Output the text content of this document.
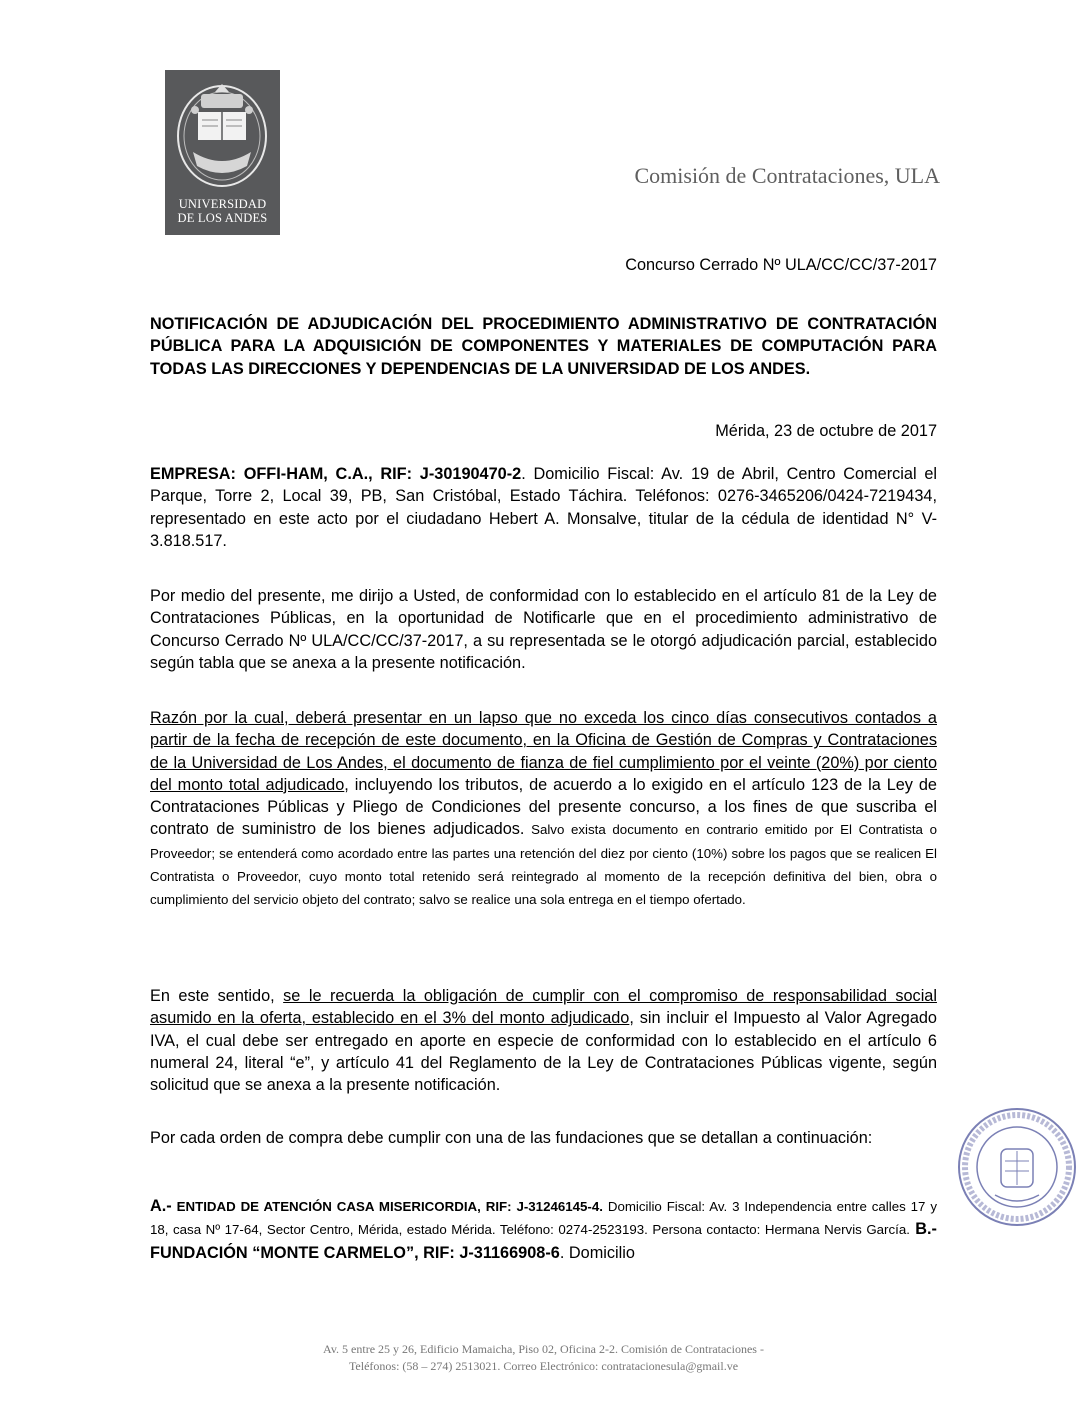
UNIVERSIDAD
DE LOS ANDES
Comisión de Contrataciones, ULA
Concurso Cerrado Nº ULA/CC/CC/37-2017
NOTIFICACIÓN DE ADJUDICACIÓN DEL PROCEDIMIENTO ADMINISTRATIVO DE CONTRATACIÓN PÚBLICA PARA LA ADQUISICIÓN DE COMPONENTES Y MATERIALES DE COMPUTACIÓN PARA TODAS LAS DIRECCIONES Y DEPENDENCIAS DE LA UNIVERSIDAD DE LOS ANDES.
Mérida, 23 de octubre de 2017
EMPRESA: OFFI-HAM, C.A., RIF: J-30190470-2. Domicilio Fiscal: Av. 19 de Abril, Centro Comercial el Parque, Torre 2, Local 39, PB, San Cristóbal, Estado Táchira. Teléfonos: 0276-3465206/0424-7219434, representado en este acto por el ciudadano Hebert A. Monsalve, titular de la cédula de identidad N° V- 3.818.517.
Por medio del presente, me dirijo a Usted, de conformidad con lo establecido en el artículo 81 de la Ley de Contrataciones Públicas, en la oportunidad de Notificarle que en el procedimiento administrativo de Concurso Cerrado Nº ULA/CC/CC/37-2017, a su representada se le otorgó adjudicación parcial, establecido según tabla que se anexa a la presente notificación.
Razón por la cual, deberá presentar en un lapso que no exceda los cinco días consecutivos contados a partir de la fecha de recepción de este documento, en la Oficina de Gestión de Compras y Contrataciones de la Universidad de Los Andes, el documento de fianza de fiel cumplimiento por el veinte (20%) por ciento del monto total adjudicado, incluyendo los tributos, de acuerdo a lo exigido en el artículo 123 de la Ley de Contrataciones Públicas y Pliego de Condiciones del presente concurso, a los fines de que suscriba el contrato de suministro de los bienes adjudicados. Salvo exista documento en contrario emitido por El Contratista o Proveedor; se entenderá como acordado entre las partes una retención del diez por ciento (10%) sobre los pagos que se realicen El Contratista o Proveedor, cuyo monto total retenido será reintegrado al momento de la recepción definitiva del bien, obra o cumplimiento del servicio objeto del contrato; salvo se realice una sola entrega en el tiempo ofertado.
En este sentido, se le recuerda la obligación de cumplir con el compromiso de responsabilidad social asumido en la oferta, establecido en el 3% del monto adjudicado, sin incluir el Impuesto al Valor Agregado IVA, el cual debe ser entregado en aporte en especie de conformidad con lo establecido en el artículo 6 numeral 24, literal “e”, y artículo 41 del Reglamento de la Ley de Contrataciones Públicas vigente, según solicitud que se anexa a la presente notificación.
Por cada orden de compra debe cumplir con una de las fundaciones que se detallan a continuación:
A.- ENTIDAD DE ATENCIÓN CASA MISERICORDIA, RIF: J-31246145-4. Domicilio Fiscal: Av. 3 Independencia entre calles 17 y 18, casa Nº 17-64, Sector Centro, Mérida, estado Mérida. Teléfono: 0274-2523193. Persona contacto: Hermana Nervis García. B.- FUNDACIÓN “MONTE CARMELO”, RIF: J-31166908-6. Domicilio
Av. 5 entre 25 y 26, Edificio Mamaicha, Piso 02, Oficina 2-2. Comisión de Contrataciones -
Teléfonos: (58 – 274) 2513021. Correo Electrónico: contratacionesula@gmail.ve
